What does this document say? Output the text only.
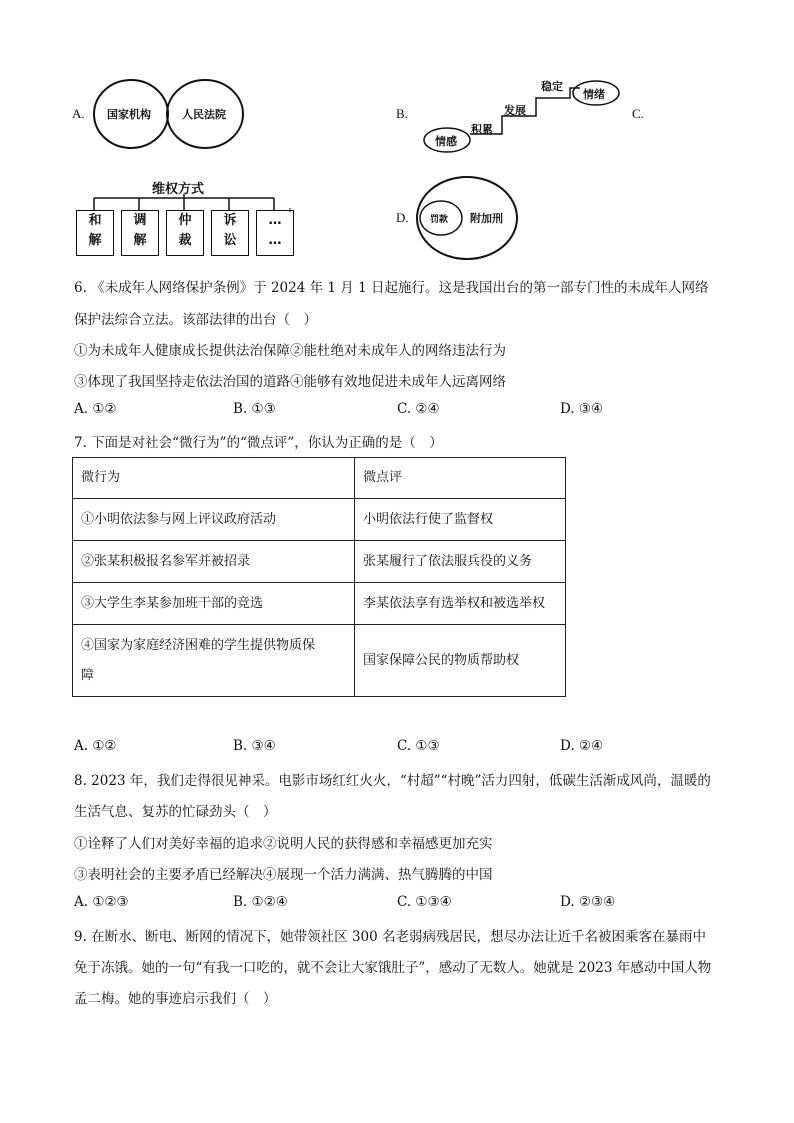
A. 国家机构	人民法院	B.
情感
积累
发展
稳定
情绪
C.
维权方式
和
解
调
解
仲
裁
诉
讼
…
…
D. 罚款 附加刑
6. 《未成年人网络保护条例》于 2024 年 1 月 1 日起施行。这是我国出台的第一部专门性的未成年人网络
保护法综合立法。该部法律的出台（　）
①为未成年人健康成长提供法治保障②能杜绝对未成年人的网络违法行为
③体现了我国坚持走依法治国的道路④能够有效地促进未成年人远离网络
A. ①②	B. ①③	C. ②④	D. ③④
7. 下面是对社会“微行为”的“微点评”，你认为正确的是（　）
微行为	微点评
①小明依法参与网上评议政府活动	小明依法行使了监督权
②张某积极报名参军并被招录	张某履行了依法服兵役的义务
③大学生李某参加班干部的竞选	李某依法享有选举权和被选举权

④国家为家庭经济困难的学生提供物质保
障	国家保障公民的物质帮助权
A. ①②	B. ③④	C. ①③	D. ②④
8. 2023 年，我们走得很见神采。电影市场红红火火，“村超”“村晚”活力四射，低碳生活渐成风尚，温暖的
生活气息、复苏的忙碌劲头（　）
①诠释了人们对美好幸福的追求②说明人民的获得感和幸福感更加充实
③表明社会的主要矛盾已经解决④展现一个活力满满、热气腾腾的中国
A. ①②③	B. ①②④	C. ①③④	D. ②③④
9. 在断水、断电、断网的情况下，她带领社区 300 名老弱病残居民，想尽办法让近千名被困乘客在暴雨中
免于冻饿。她的一句“有我一口吃的，就不会让大家饿肚子”，感动了无数人。她就是 2023 年感动中国人物
孟二梅。她的事迹启示我们（　）
